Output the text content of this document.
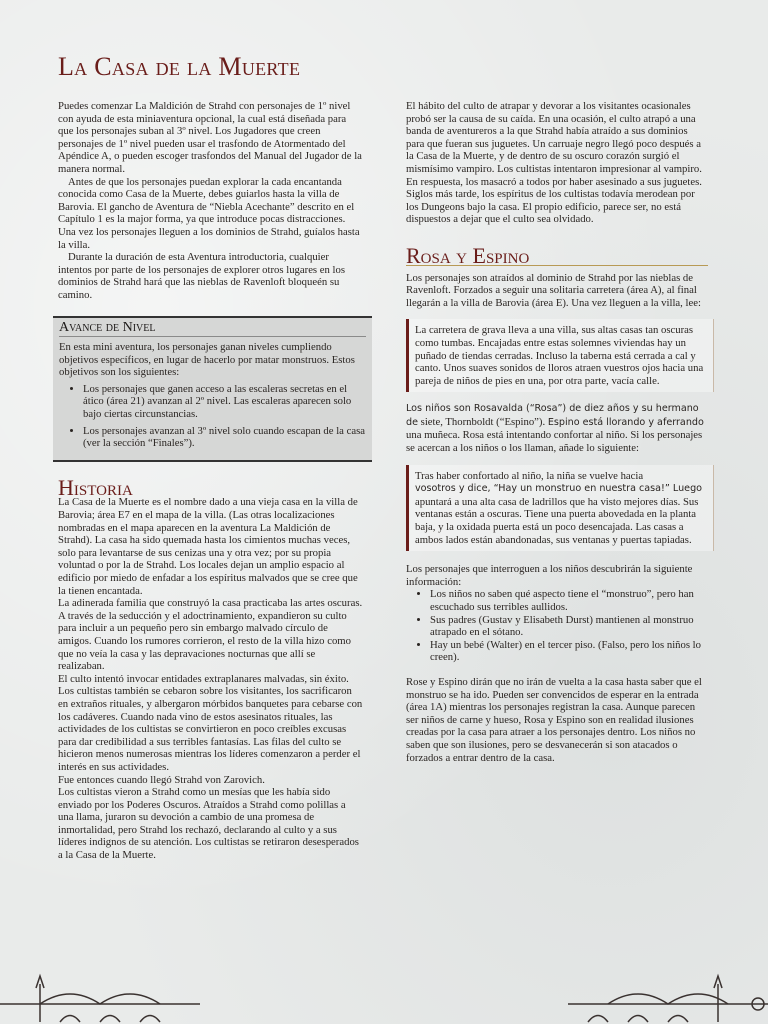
La Casa de la Muerte

Puedes comenzar La Maldición de Strahd con personajes de 1º nivel con ayuda de esta miniaventura opcional, la cual está diseñada para que los personajes suban al 3º nivel. Los Jugadores que creen personajes de 1º nivel pueden usar el trasfondo de Atormentado del Apéndice A, o pueden escoger trasfondos del Manual del Jugador de la manera normal.

Antes de que los personajes puedan explorar la cada encantanda conocida como Casa de la Muerte, debes guiarlos hasta la villa de Barovia. El gancho de Aventura de “Niebla Acechante” descrito en el Capítulo 1 es la major forma, ya que introduce pocas distracciones. Una vez los personajes lleguen a los dominios de Strahd, guíalos hasta la villa.

Durante la duración de esta Aventura introductoria, cualquier intentos por parte de los personajes de explorer otros lugares en los dominios de Strahd hará que las nieblas de Ravenloft bloqueén su camino.

Avance de Nivel

En esta mini aventura, los personajes ganan niveles cumpliendo objetivos específicos, en lugar de hacerlo por matar monstruos. Estos objetivos son los siguientes:

• Los personajes que ganen acceso a las escaleras secretas en el ático (área 21) avanzan al 2º nivel. Las escaleras aparecen solo bajo ciertas circunstancias.
• Los personajes avanzan al 3º nivel solo cuando escapan de la casa (ver la sección “Finales”).
Historia

La Casa de la Muerte es el nombre dado a una vieja casa en la villa de Barovia; área E7 en el mapa de la villa. (Las otras localizaciones nombradas en el mapa aparecen en la aventura La Maldición de Strahd). La casa ha sido quemada hasta los cimientos muchas veces, solo para levantarse de sus cenizas una y otra vez; por su propia voluntad o por la de Strahd. Los locales dejan un amplio espacio al edificio por miedo de enfadar a los espíritus malvados que se cree que la tienen encantada.

La adinerada familia que construyó la casa practicaba las artes oscuras. A través de la seducción y el adoctrinamiento, expandieron su culto para incluir a un pequeño pero sin embargo malvado círculo de amigos. Cuando los rumores corrieron, el resto de la villa hizo como que no veía la casa y las depravaciones nocturnas que allí se realizaban.

El culto intentó invocar entidades extraplanares malvadas, sin éxito. Los cultistas también se cebaron sobre los visitantes, los sacrificaron en extraños rituales, y albergaron mórbidos banquetes para cebarse con los cadáveres. Cuando nada vino de estos asesinatos rituales, las actividades de los cultistas se convirtieron en poco creíbles excusas para dar credibilidad a sus terribles fantasías. Las filas del culto se hicieron menos numerosas mientras los líderes comenzaron a perder el interés en sus actividades.

Fue entonces cuando llegó Strahd von Zarovich.

Los cultistas vieron a Strahd como un mesías que les había sido enviado por los Poderes Oscuros. Atraídos a Strahd como polillas a una llama, juraron su devoción a cambio de una promesa de inmortalidad, pero Strahd los rechazó, declarando al culto y a sus líderes indignos de su atención. Los cultistas se retiraron desesperados a la Casa de la Muerte.

El hábito del culto de atrapar y devorar a los visitantes ocasionales probó ser la causa de su caída. En una ocasión, el culto atrapó a una banda de aventureros a la que Strahd había atraído a sus dominios para que fueran sus juguetes. Un carruaje negro llegó poco después a la Casa de la Muerte, y de dentro de su oscuro corazón surgió el mismísimo vampiro. Los cultistas intentaron impresionar al vampiro. En respuesta, los masacró a todos por haber asesinado a sus juguetes. Siglos más tarde, los espíritus de los cultistas todavía merodean por los Dungeons bajo la casa. El propio edificio, parece ser, no está dispuestos a dejar que el culto sea olvidado.

Rosa y Espino

Los personajes son atraídos al dominio de Strahd por las nieblas de Ravenloft. Forzados a seguir una solitaria carretera (área A), al final llegarán a la villa de Barovia (área E). Una vez lleguen a la villa, lee:

La carretera de grava lleva a una villa, sus altas casas tan oscuras como tumbas. Encajadas entre estas solemnes viviendas hay un puñado de tiendas cerradas. Incluso la taberna está cerrada a cal y canto. Unos suaves sonidos de lloros atraen vuestros ojos hacia una pareja de niños de pies en una, por otra parte, vacía calle.

Los niños son Rosavalda (“Rosa”) de diez años y su hermano de siete, Thornboldt (“Espino”). Espino está llorando y aferrando una muñeca. Rosa está intentando confortar al niño. Si los personajes se acercan a los niños o los llaman, añade lo siguiente:

Tras haber confortado al niño, la niña se vuelve hacia
vosotros y dice, “Hay un monstruo en nuestra casa!” Luego apuntará a una alta casa de ladrillos que ha visto mejores días. Sus ventanas están a oscuras. Tiene una puerta abovedada en la planta baja, y la oxidada puerta está un poco desencajada. Las casas a ambos lados están abandonadas, sus ventanas y puertas tapiadas.

Los personajes que interroguen a los niños descubrirán la siguiente información:

• Los niños no saben qué aspecto tiene el “monstruo”, pero han escuchado sus terribles aullidos.
• Sus padres (Gustav y Elisabeth Durst) mantienen al monstruo atrapado en el sótano.
• Hay un bebé (Walter) en el tercer piso. (Falso, pero los niños lo creen).

Rose y Espino dirán que no irán de vuelta a la casa hasta saber que el monstruo se ha ido. Pueden ser convencidos de esperar en la entrada (área 1A) mientras los personajes registran la casa. Aunque parecen ser niños de carne y hueso, Rosa y Espino son en realidad ilusiones creadas por la casa para atraer a los personajes dentro. Los niños no saben que son ilusiones, pero se desvanecerán si son atacados o forzados a entrar dentro de la casa.
